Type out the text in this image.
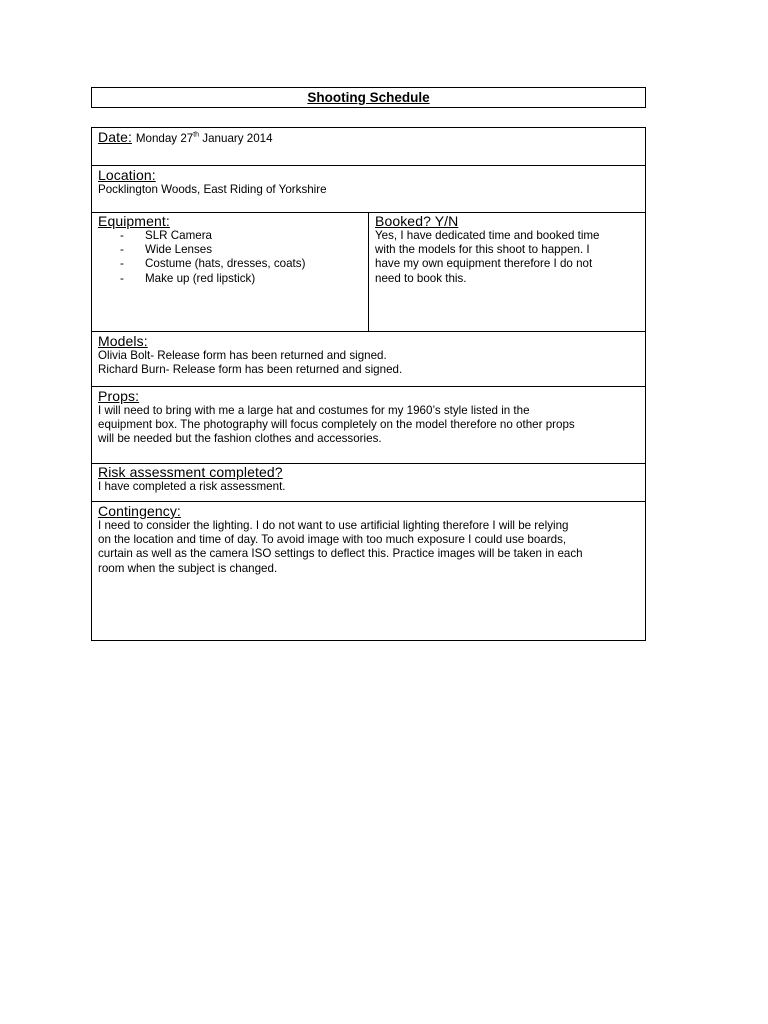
Shooting Schedule
Date: Monday 27th January 2014
Location:

Pocklington Woods, East Riding of Yorkshire

Equipment:
- SLR Camera
- Wide Lenses
- Costume (hats, dresses, coats)
- Make up (red lipstick)
Booked? Y/N

Yes, I have dedicated time and booked time

with the models for this shoot to happen. I

have my own equipment therefore I do not

need to book this.

Models:

Olivia Bolt- Release form has been returned and signed.

Richard Burn- Release form has been returned and signed.

Props:

I will need to bring with me a large hat and costumes for my 1960’s style listed in the

equipment box. The photography will focus completely on the model therefore no other props

will be needed but the fashion clothes and accessories.

Risk assessment completed?

I have completed a risk assessment.

Contingency:

I need to consider the lighting. I do not want to use artificial lighting therefore I will be relying

on the location and time of day. To avoid image with too much exposure I could use boards,

curtain as well as the camera ISO settings to deflect this. Practice images will be taken in each

room when the subject is changed.
